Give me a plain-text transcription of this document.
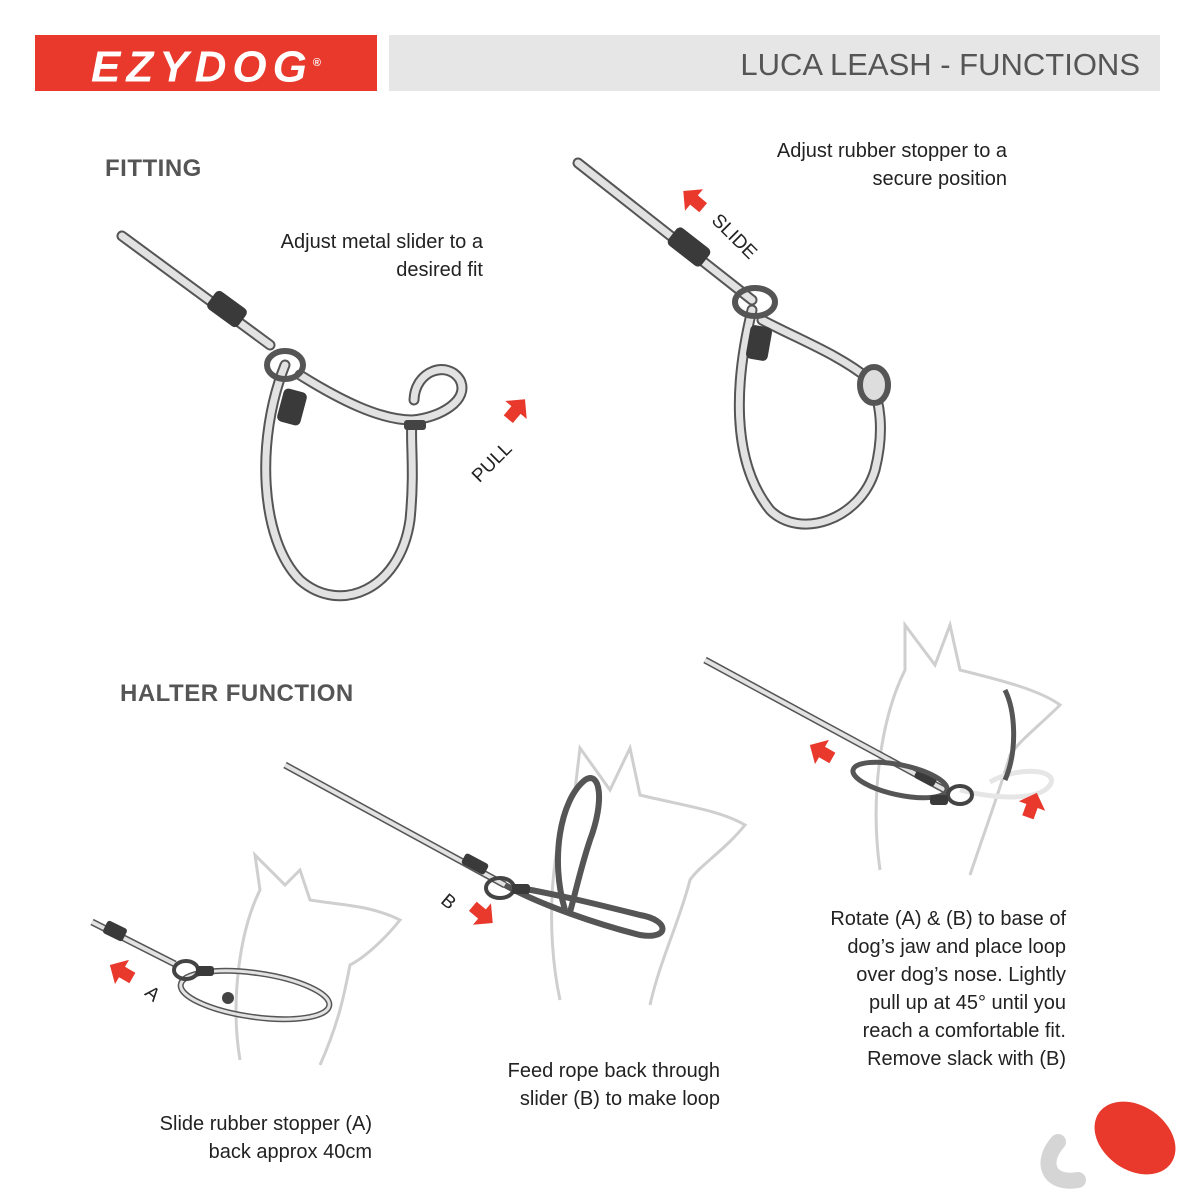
EZYDOG®	LUCA LEASH - FUNCTIONS
FITTING
HALTER FUNCTION
Adjust metal slider to a
desired fit
Adjust rubber stopper to a
secure position
Slide rubber stopper (A)
back approx 40cm
Feed rope back through
slider (B) to make loop
Rotate (A) & (B) to base of
dog’s jaw and place loop
over dog’s nose. Lightly
pull up at 45° until you
reach a comfortable fit.
Remove slack with (B)
PULL
SLIDE
A
B
